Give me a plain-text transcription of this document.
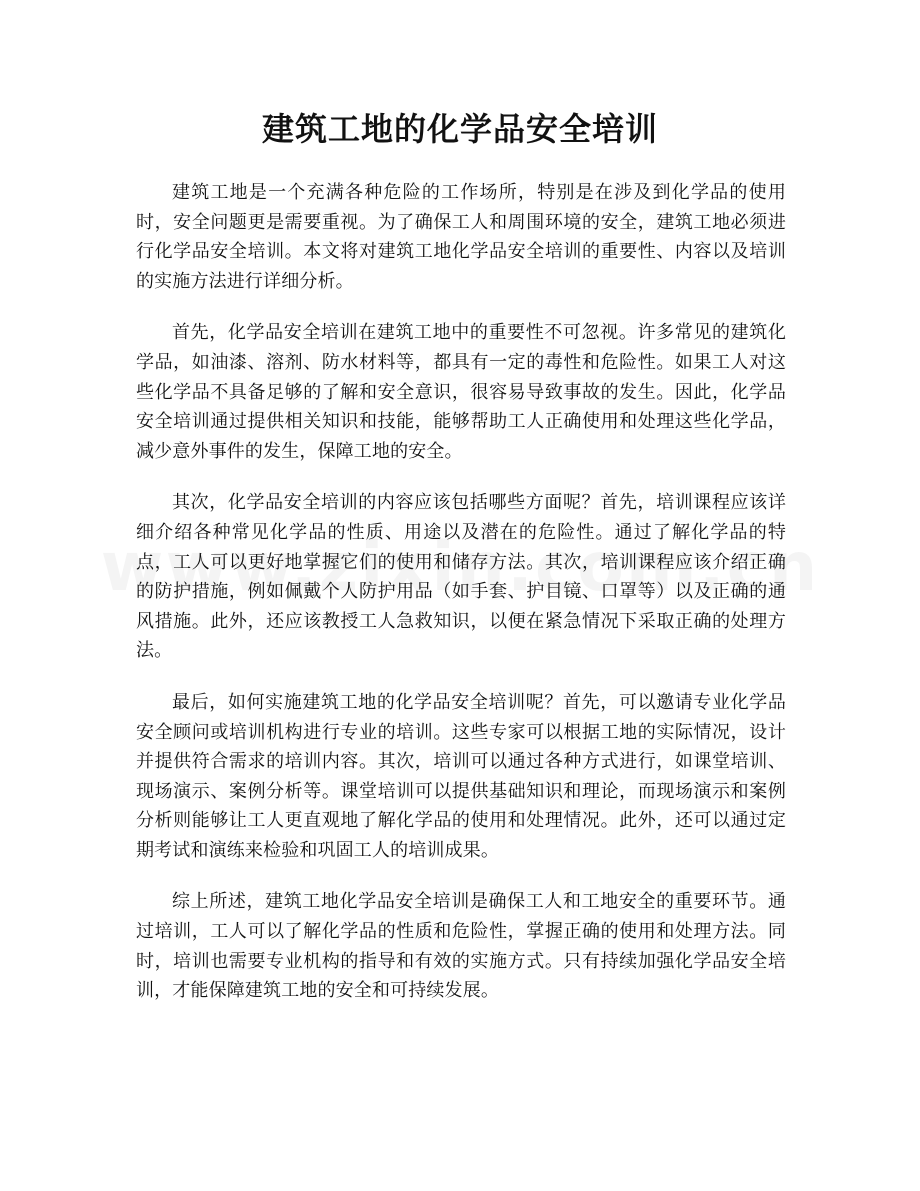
建筑工地的化学品安全培训

建筑工地是一个充满各种危险的工作场所，特别是在涉及到化学品的使用时，安全问题更是需要重视。为了确保工人和周围环境的安全，建筑工地必须进行化学品安全培训。本文将对建筑工地化学品安全培训的重要性、内容以及培训的实施方法进行详细分析。

首先，化学品安全培训在建筑工地中的重要性不可忽视。许多常见的建筑化学品，如油漆、溶剂、防水材料等，都具有一定的毒性和危险性。如果工人对这些化学品不具备足够的了解和安全意识，很容易导致事故的发生。因此，化学品安全培训通过提供相关知识和技能，能够帮助工人正确使用和处理这些化学品，减少意外事件的发生，保障工地的安全。

其次，化学品安全培训的内容应该包括哪些方面呢？首先，培训课程应该详细介绍各种常见化学品的性质、用途以及潜在的危险性。通过了解化学品的特点，工人可以更好地掌握它们的使用和储存方法。其次，培训课程应该介绍正确的防护措施，例如佩戴个人防护用品（如手套、护目镜、口罩等）以及正确的通风措施。此外，还应该教授工人急救知识，以便在紧急情况下采取正确的处理方法。

最后，如何实施建筑工地的化学品安全培训呢？首先，可以邀请专业化学品安全顾问或培训机构进行专业的培训。这些专家可以根据工地的实际情况，设计并提供符合需求的培训内容。其次，培训可以通过各种方式进行，如课堂培训、现场演示、案例分析等。课堂培训可以提供基础知识和理论，而现场演示和案例分析则能够让工人更直观地了解化学品的使用和处理情况。此外，还可以通过定期考试和演练来检验和巩固工人的培训成果。

综上所述，建筑工地化学品安全培训是确保工人和工地安全的重要环节。通过培训，工人可以了解化学品的性质和危险性，掌握正确的使用和处理方法。同时，培训也需要专业机构的指导和有效的实施方式。只有持续加强化学品安全培训，才能保障建筑工地的安全和可持续发展。
